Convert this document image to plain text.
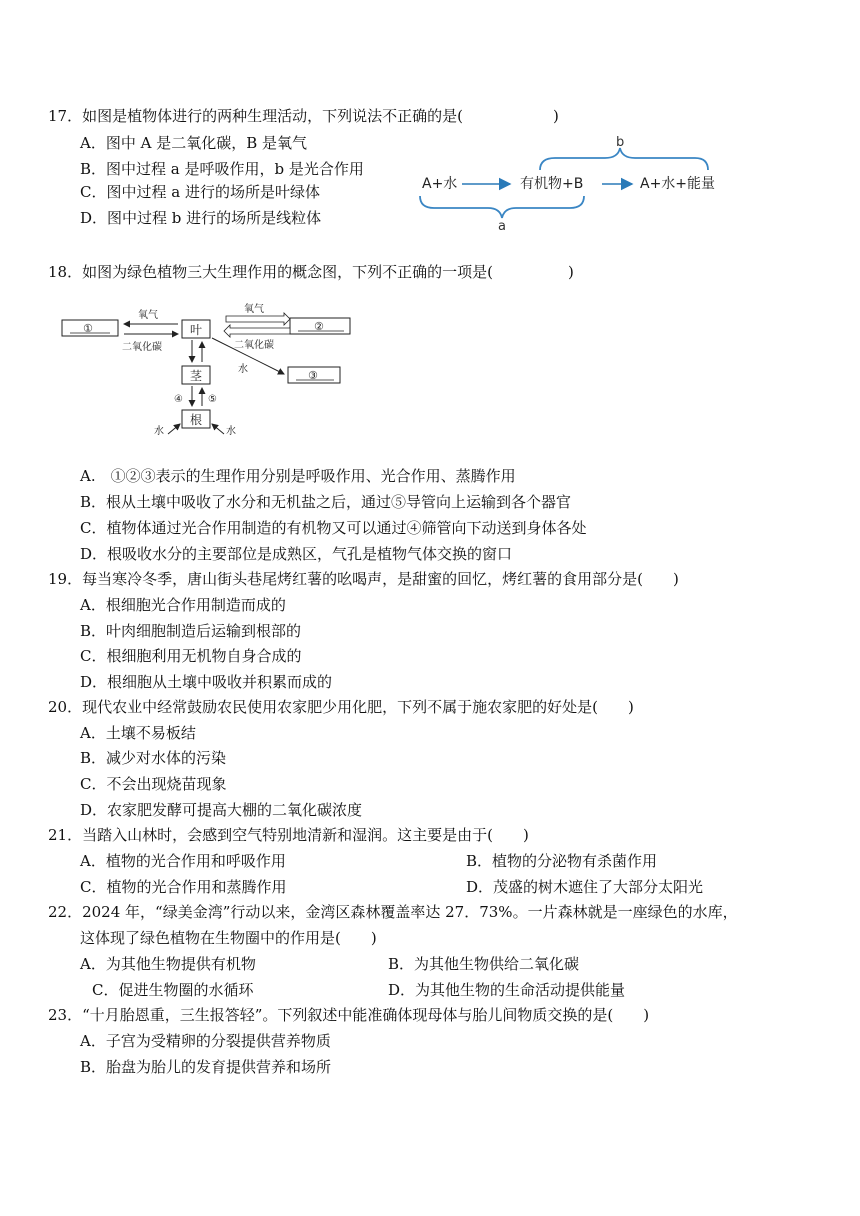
17．如图是植物体进行的两种生理活动，下列说法不正确的是(　　　　　　)
A．图中 A 是二氧化碳，B 是氧气
B．图中过程 a 是呼吸作用，b 是光合作用
C．图中过程 a 进行的场所是叶绿体
D．图中过程 b 进行的场所是线粒体
b
A+水	有机物+B	A+水+能量
a
18．如图为绿色植物三大生理作用的概念图，下列不正确的一项是(　　　　　)
①	②
③
叶
茎
根
氧气
二氧化碳
氧气
二氧化碳
水
④	⑤
水	水
A.　①②③表示的生理作用分别是呼吸作用、光合作用、蒸腾作用
B．根从土壤中吸收了水分和无机盐之后，通过⑤导管向上运输到各个器官
C．植物体通过光合作用制造的有机物又可以通过④筛管向下动送到身体各处
D．根吸收水分的主要部位是成熟区，气孔是植物气体交换的窗口
19．每当寒冷冬季，唐山街头巷尾烤红薯的吆喝声，是甜蜜的回忆，烤红薯的食用部分是(　　)
A．根细胞光合作用制造而成的
B．叶肉细胞制造后运输到根部的
C．根细胞利用无机物自身合成的
D．根细胞从土壤中吸收并积累而成的
20．现代农业中经常鼓励农民使用农家肥少用化肥，下列不属于施农家肥的好处是(　　)
A．土壤不易板结
B．减少对水体的污染
C．不会出现烧苗现象
D．农家肥发酵可提高大棚的二氧化碳浓度
21．当踏入山林时，会感到空气特别地清新和湿润。这主要是由于(　　)
A．植物的光合作用和呼吸作用	B．植物的分泌物有杀菌作用
C．植物的光合作用和蒸腾作用	D．茂盛的树木遮住了大部分太阳光
22．2024 年，“绿美金湾”行动以来，金湾区森林覆盖率达 27．73%。一片森林就是一座绿色的水库，
这体现了绿色植物在生物圈中的作用是(　　)
A．为其他生物提供有机物	B．为其他生物供给二氧化碳
C．促进生物圈的水循环	D．为其他生物的生命活动提供能量
23．“十月胎恩重，三生报答轻”。下列叙述中能准确体现母体与胎儿间物质交换的是(　　)
A．子宫为受精卵的分裂提供营养物质
B．胎盘为胎儿的发育提供营养和场所
